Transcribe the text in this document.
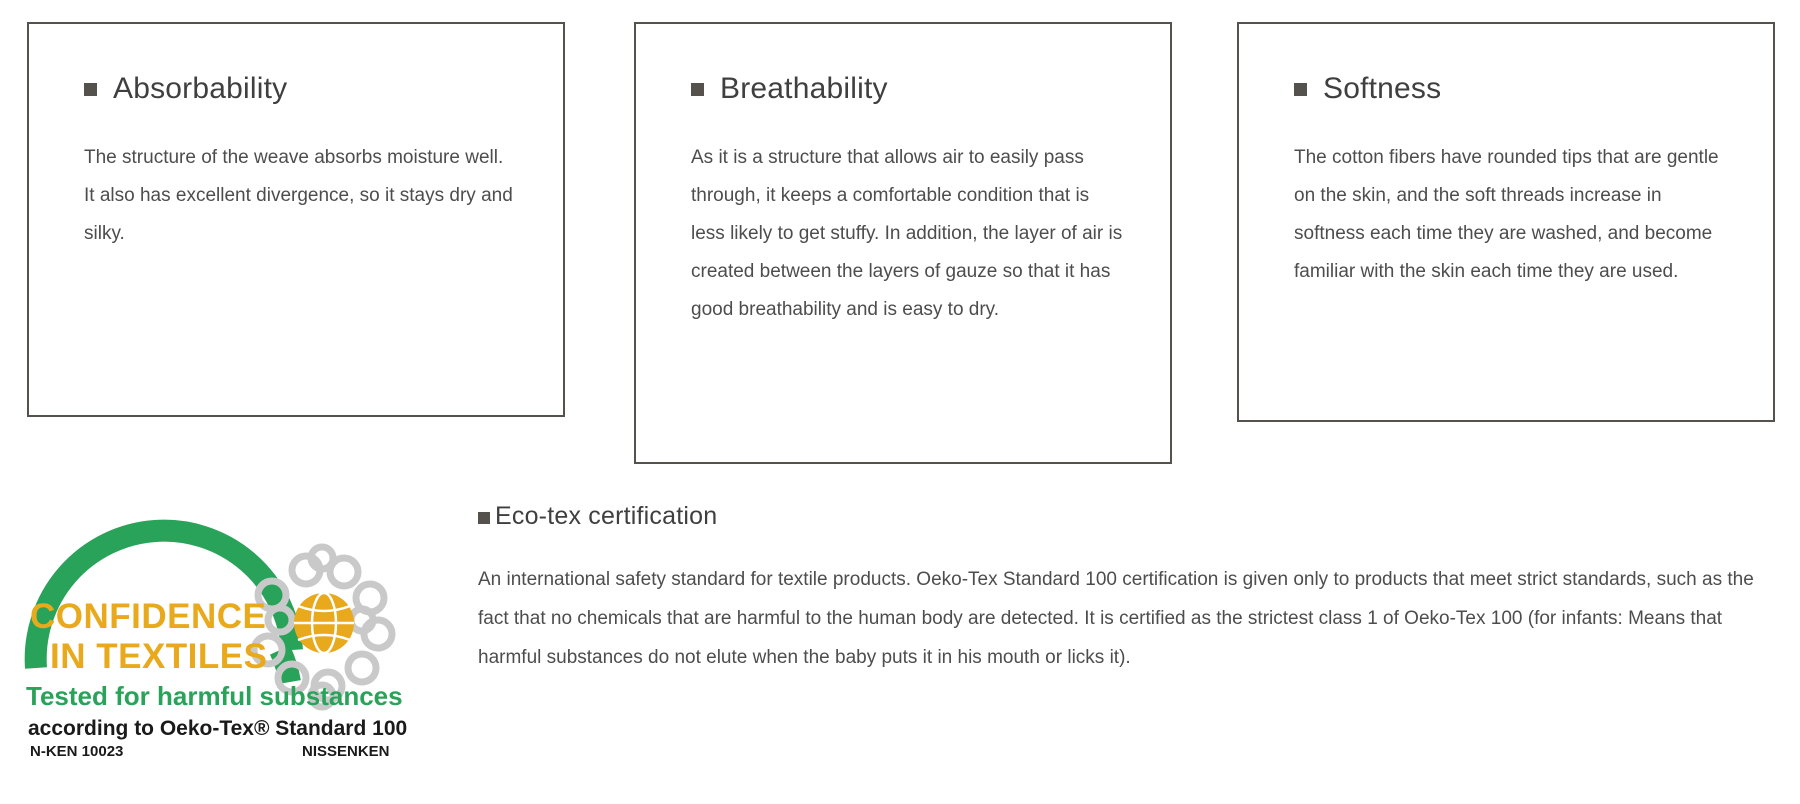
Absorbability

The structure of the weave absorbs moisture well. It also has excellent divergence, so it stays dry and silky.

Breathability

As it is a structure that allows air to easily pass through, it keeps a comfortable condition that is less likely to get stuffy. In addition, the layer of air is created between the layers of gauze so that it has good breathability and is easy to dry.

Softness

The cotton fibers have rounded tips that are gentle on the skin, and the soft threads increase in softness each time they are washed, and become familiar with the skin each time they are used.

CONFIDENCE
IN TEXTILES
Tested for harmful substances
according to Oeko-Tex® Standard 100
N-KEN 10023	NISSENKEN
Eco-tex certification

An international safety standard for textile products. Oeko-Tex Standard 100 certification is given only to products that meet strict standards, such as the fact that no chemicals that are harmful to the human body are detected. It is certified as the strictest class 1 of Oeko-Tex 100 (for infants: Means that harmful substances do not elute when the baby puts it in his mouth or licks it).
